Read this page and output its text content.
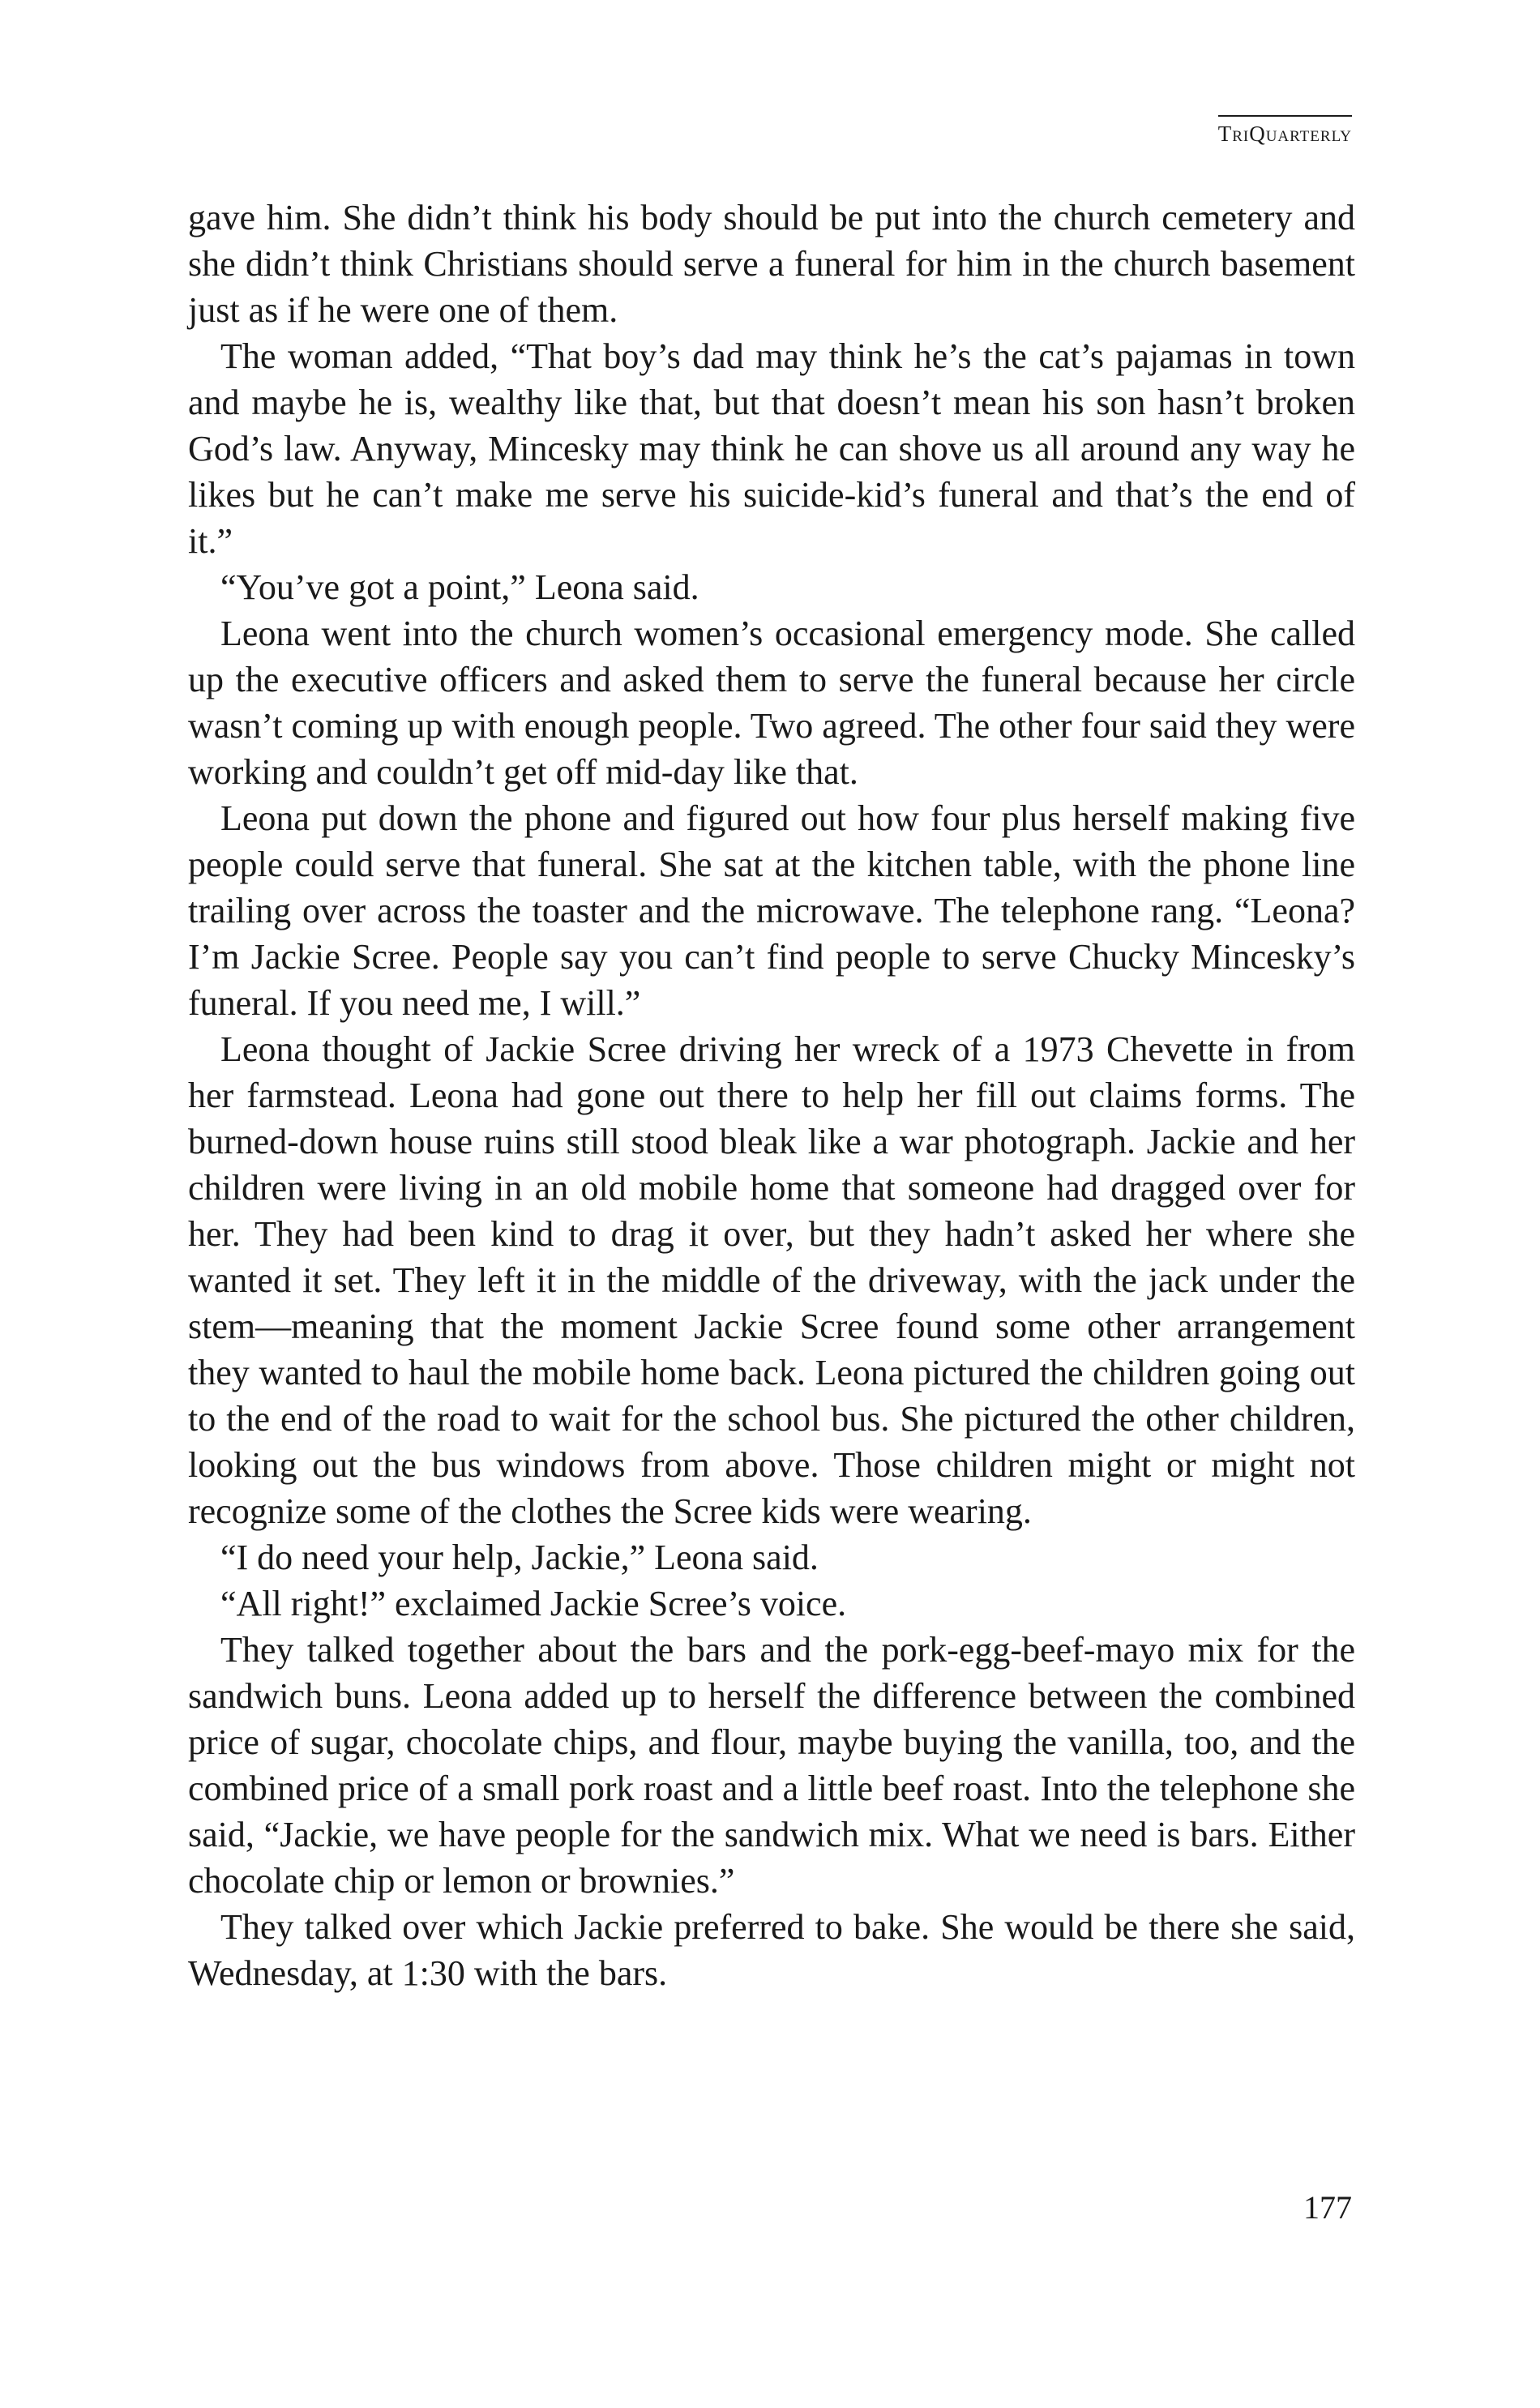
TriQuarterly

gave him. She didn’t think his body should be put into the church cemetery and she didn’t think Christians should serve a funeral for him in the church basement just as if he were one of them.

The woman added, “That boy’s dad may think he’s the cat’s pajamas in town and maybe he is, wealthy like that, but that doesn’t mean his son hasn’t broken God’s law. Anyway, Mincesky may think he can shove us all around any way he likes but he can’t make me serve his suicide-kid’s funeral and that’s the end of it.”

“You’ve got a point,” Leona said.

Leona went into the church women’s occasional emergency mode. She called up the executive officers and asked them to serve the funeral because her circle wasn’t coming up with enough people. Two agreed. The other four said they were working and couldn’t get off mid-day like that.

Leona put down the phone and figured out how four plus herself making five people could serve that funeral. She sat at the kitchen table, with the phone line trailing over across the toaster and the microwave. The telephone rang. “Leona? I’m Jackie Scree. People say you can’t find people to serve Chucky Mincesky’s funeral. If you need me, I will.”

Leona thought of Jackie Scree driving her wreck of a 1973 Chevette in from her farmstead. Leona had gone out there to help her fill out claims forms. The burned-down house ruins still stood bleak like a war photograph. Jackie and her children were living in an old mobile home that someone had dragged over for her. They had been kind to drag it over, but they hadn’t asked her where she wanted it set. They left it in the middle of the driveway, with the jack under the stem—meaning that the moment Jackie Scree found some other arrangement they wanted to haul the mobile home back. Leona pictured the children going out to the end of the road to wait for the school bus. She pictured the other children, looking out the bus windows from above. Those children might or might not recognize some of the clothes the Scree kids were wearing.

“I do need your help, Jackie,” Leona said.

“All right!” exclaimed Jackie Scree’s voice.

They talked together about the bars and the pork-egg-beef-mayo mix for the sandwich buns. Leona added up to herself the difference between the combined price of sugar, chocolate chips, and flour, maybe buying the vanilla, too, and the combined price of a small pork roast and a little beef roast. Into the telephone she said, “Jackie, we have people for the sandwich mix. What we need is bars. Either chocolate chip or lemon or brownies.”

They talked over which Jackie preferred to bake. She would be there she said, Wednesday, at 1:30 with the bars.

177
